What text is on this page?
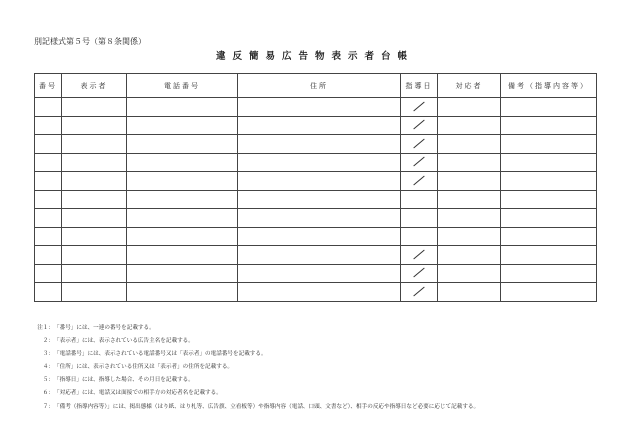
別記様式第５号（第８条関係）
違反簡易広告物表示者台帳
番号	表示者	電話番号	住所	指導日	対応者	備考（指導内容等）

注１：「番号」には、一連の番号を記載する。
２：「表示者」には、表示されている広告主名を記載する。
３：「電話番号」には、表示されている電話番号又は「表示者」の電話番号を記載する。
４：「住所」には、表示されている住所又は「表示者」の住所を記載する。
５：「指導日」には、指導した場合、その月日を記載する。
６：「対応者」には、電話又は面接での相手方の対応者名を記載する。
７：「備考（指導内容等）」には、掲出態様（はり紙、はり札等、広告旗、立看板等）や指導内容（電話、口頭、文書など）、相手の反応や指導日など必要に応じて記載する。
